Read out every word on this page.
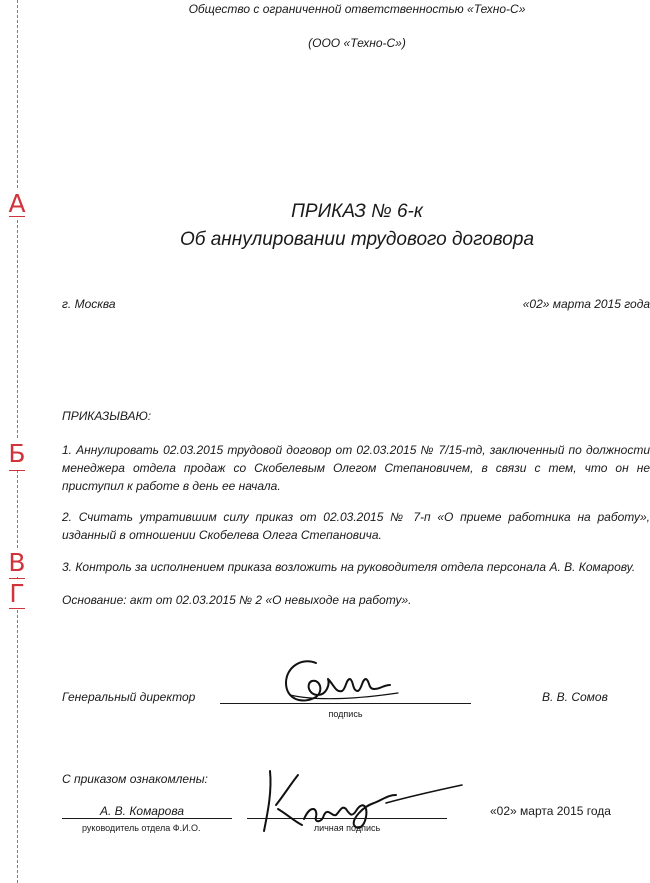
А
Б
В
Г
Общество с ограниченной ответственностью «Техно-С»
(ООО «Техно-С»)
ПРИКАЗ № 6-к
Об аннулировании трудового договора
г. Москва	«02» марта 2015 года
ПРИКАЗЫВАЮ:
1. Аннулировать 02.03.2015 трудовой договор от 02.03.2015 № 7/15-тд, заключенный по должности менеджера отдела продаж со Скобелевым Олегом Степановичем, в связи с тем, что он не приступил к работе в день ее начала.
2. Считать утратившим силу приказ от 02.03.2015 № 7-п «О приеме работника на работу», изданный в отношении Скобелева Олега Степановича.
3. Контроль за исполнением приказа возложить на руководителя отдела персонала А. В. Комарову.
Основание: акт от 02.03.2015 № 2 «О невыходе на работу».
Генеральный директор
подпись
В. В. Сомов
С приказом ознакомлены:
А. В. Комарова
руководитель отдела Ф.И.О.	личная подпись
«02» марта 2015 года
